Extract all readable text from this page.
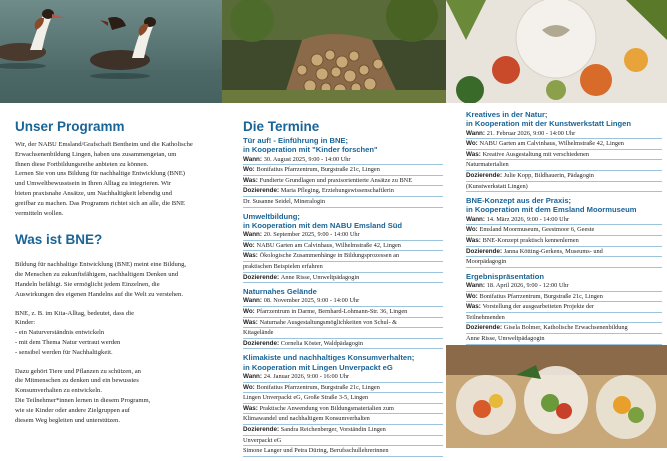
Unser Programm

Wir, der NABU Emsland/Grafschaft Bentheim und die Katholische
Erwachsenenbildung Lingen, haben uns zusammengetan, um
Ihnen diese Fortbildungsreihe anbieten zu können.
Lernen Sie von uns Bildung für nachhaltige Entwicklung (BNE)
und Umweltbewusstsein in Ihren Alltag zu integrieren. Wir
bieten praxisnahe Ansätze, um Nachhaltigkeit lebendig und
greifbar zu machen. Das Programm richtet sich an alle, die BNE
vermitteln wollen.

Was ist BNE?

Bildung für nachhaltige Entwicklung (BNE) meint eine Bildung,
die Menschen zu zukunftsfähigem, nachhaltigem Denken und
Handeln befähigt. Sie ermöglicht jedem Einzelnen, die
Auswirkungen des eigenen Handelns auf die Welt zu verstehen.

BNE, z. B. im Kita-Alltag, bedeutet, dass die
Kinder:
- ein Naturverständnis entwickeln
- mit dem Thema Natur vertraut werden
- sensibel werden für Nachhaltigkeit.

Dazu gehört Tiere und Pflanzen zu schützen, an
die Mitmenschen zu denken und ein bewusstes
Konsumverhalten zu entwickeln.
Die Teilnehmer*innen lernen in diesem Programm,
wie sie Kinder oder andere Zielgruppen auf
diesem Weg begleiten und unterstützen.

Die Termine
Tür auf! - Einführung in BNE;
in Kooperation mit "Kinder forschen"
Wann: 30. August 2025, 9:00 - 14:00 Uhr
Wo: Bonifatius Pfarrzentrum, Burgstraße 21c, Lingen
Was: Fundierte Grundlagen und praxisorientierte Ansätze zu BNE
Dozierende: Maria Pfleging, Erziehungswissenschaftlerin
Dr. Susanne Seidel, Mineralogin
Umweltbildung;
in Kooperation mit dem NABU Emsland Süd
Wann: 20. September 2025, 9:00 - 14:00 Uhr
Wo: NABU Garten am Calvinhaus, Wilhelmstraße 42, Lingen
Was: Ökologische Zusammenhänge in Bildungsprozessen an
praktischen Beispielen erfahren
Dozierende: Anne Risse, Umweltpädagogin
Naturnahes Gelände
Wann: 08. November 2025, 9:00 - 14:00 Uhr
Wo: Pfarrzentrum in Darme, Bernhard-Lohmann-Str. 36, Lingen
Was: Naturnahe Ausgestaltungsmöglichkeiten von Schul- &
Kitagelände
Dozierende: Cornelia Köster, Waldpädagogin
Klimakiste und nachhaltiges Konsumverhalten;
in Kooperation mit Lingen Unverpackt eG
Wann: 24. Januar 2026, 9:00 - 16:00 Uhr
Wo: Bonifatius Pfarrzentrum, Burgstraße 21c, Lingen
Lingen Unverpackt eG, Große Straße 3-5, Lingen
Was: Praktische Anwendung von Bildungsmaterialien zum
Klimawandel und nachhaltigem Konsumverhalten
Dozierende: Sandra Reichenberger, Vorständin Lingen
Unverpackt eG
Simone Langer und Petra Düring, Berufsschullehrerinnen
Kreatives in der Natur;
in Kooperation mit der Kunstwerkstatt Lingen
Wann: 21. Februar 2026, 9:00 - 14:00 Uhr
Wo: NABU Garten am Calvinhaus, Wilhelmstraße 42, Lingen
Was: Kreative Ausgestaltung mit verschiedenen
Naturmaterialien
Dozierende: Julie Kopp, Bildhauerin, Pädagogin
(Kunstwerkstatt Lingen)
BNE-Konzept aus der Praxis;
in Kooperation mit dem Emsland Moormuseum
Wann: 14. März 2026, 9:00 - 14:00 Uhr
Wo: Emsland Moormuseum, Geestmoor 6, Geeste
Was: BNE-Konzept praktisch kennenlernen
Dozierende: Janna Kötting-Gerkens, Museums- und
Moorpädagogin
Ergebnispräsentation
Wann: 18. April 2026, 9:00 - 12:00 Uhr
Wo: Bonifatius Pfarrzentrum, Burgstraße 21c, Lingen
Was: Vorstellung der ausgearbeiteten Projekte der
Teilnehmenden
Dozierende: Gisela Bolmer, Katholische Erwachsenenbildung
Anne Risse, Umweltpädagogin
